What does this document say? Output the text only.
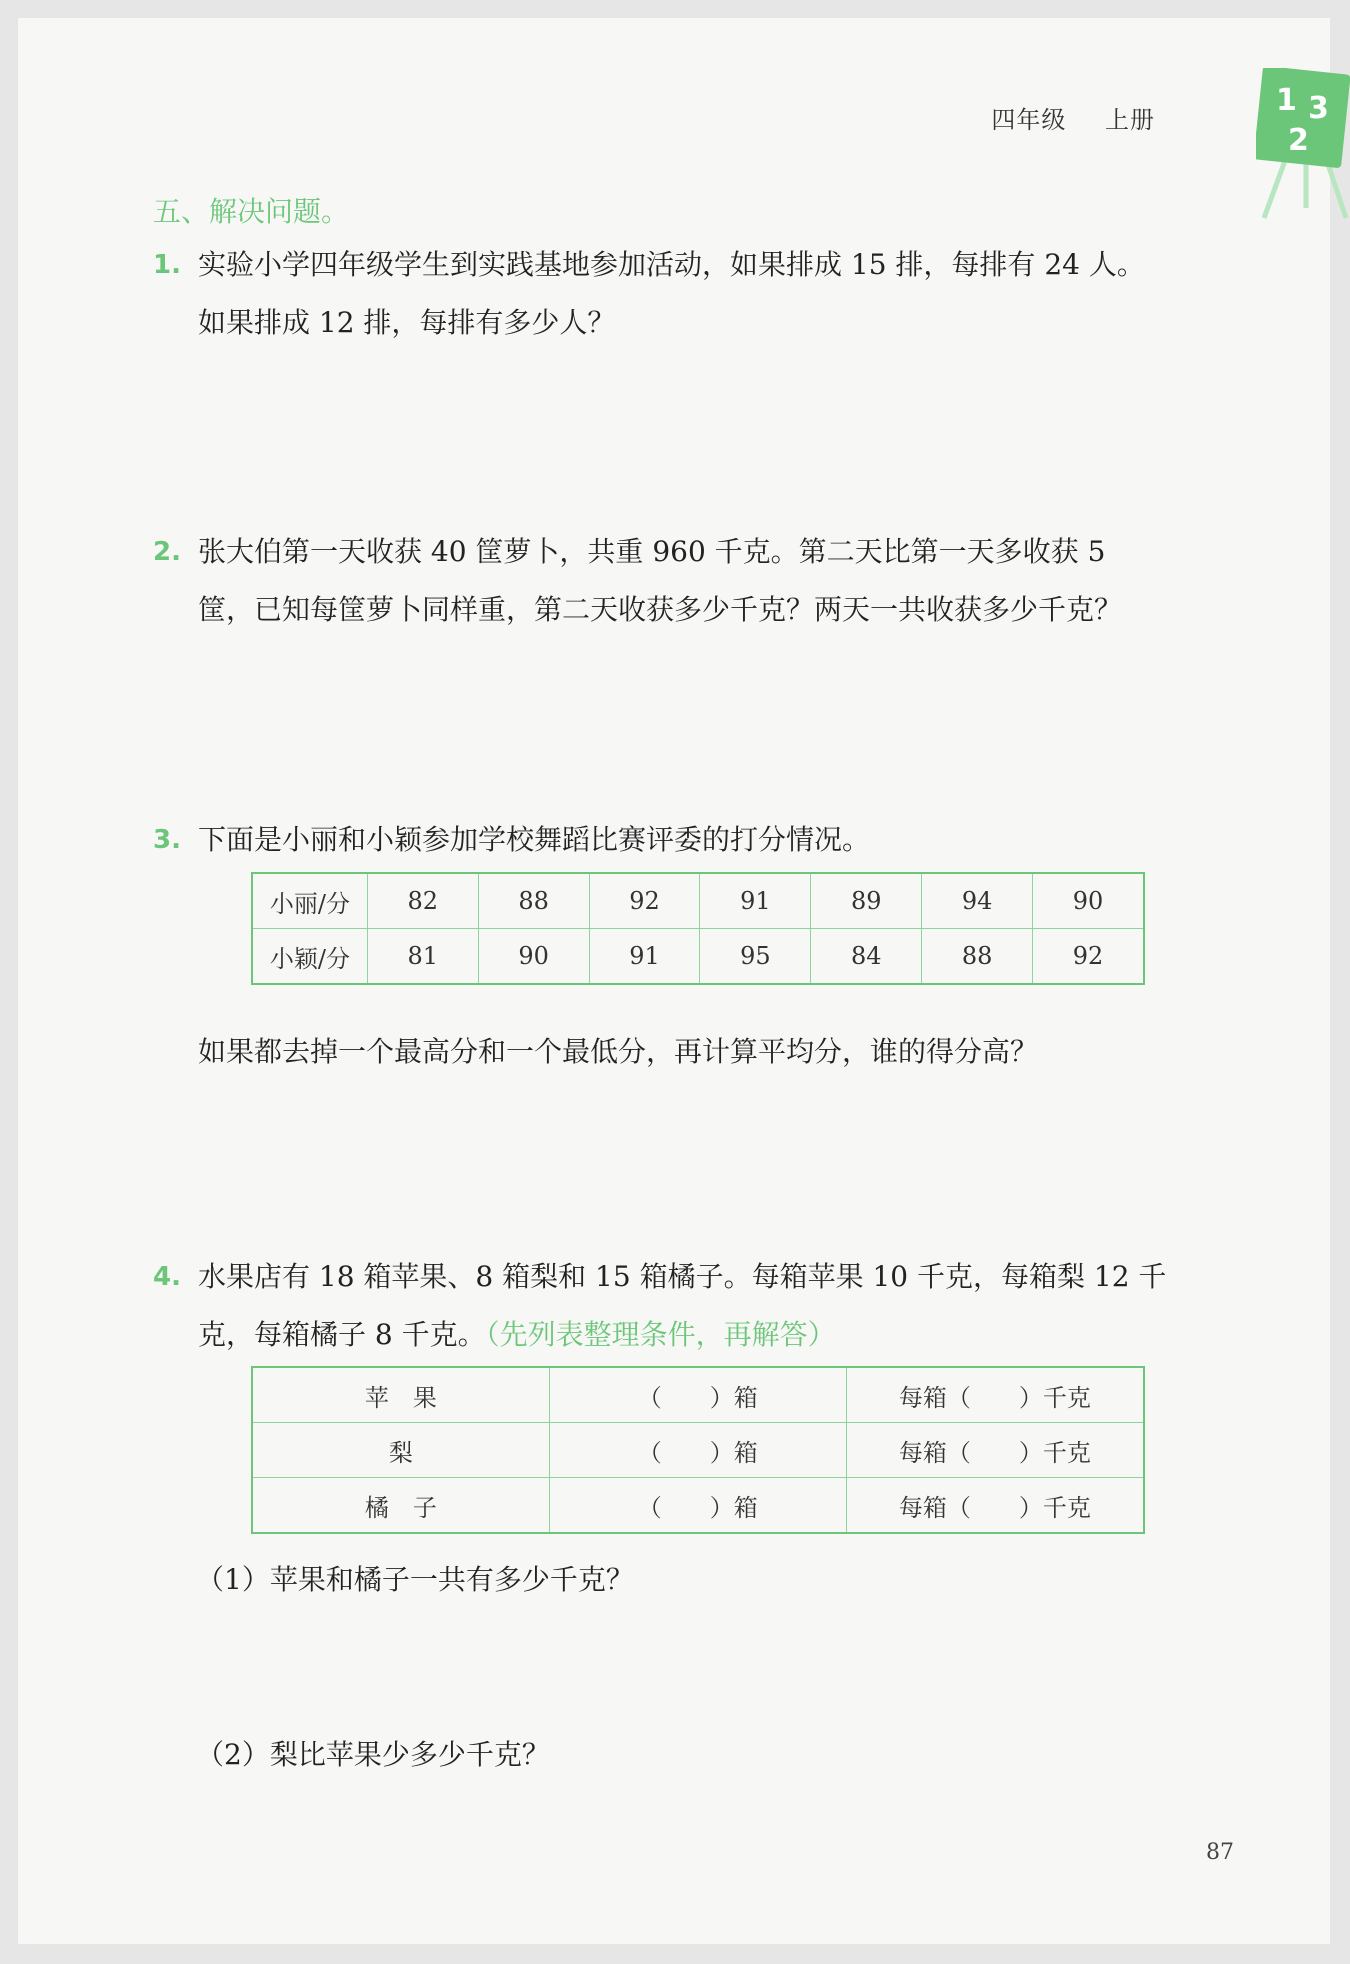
四年级 上册
1 3
2
五、解决问题。
1. 实验小学四年级学生到实践基地参加活动，如果排成 15 排，每排有 24 人。
如果排成 12 排，每排有多少人？
2. 张大伯第一天收获 40 筐萝卜，共重 960 千克。第二天比第一天多收获 5
筐，已知每筐萝卜同样重，第二天收获多少千克？两天一共收获多少千克？
3. 下面是小丽和小颖参加学校舞蹈比赛评委的打分情况。
小丽/分	82	88	92	91	89	94	90
小颖/分	81	90	91	95	84	88	92
如果都去掉一个最高分和一个最低分，再计算平均分，谁的得分高？
4. 水果店有 18 箱苹果、8 箱梨和 15 箱橘子。每箱苹果 10 千克，每箱梨 12 千
克，每箱橘子 8 千克。（先列表整理条件，再解答）
苹　果	（　　）箱	每箱（　　）千克
梨	（　　）箱	每箱（　　）千克
橘　子	（　　）箱	每箱（　　）千克
（1）苹果和橘子一共有多少千克？
（2）梨比苹果少多少千克？
87
